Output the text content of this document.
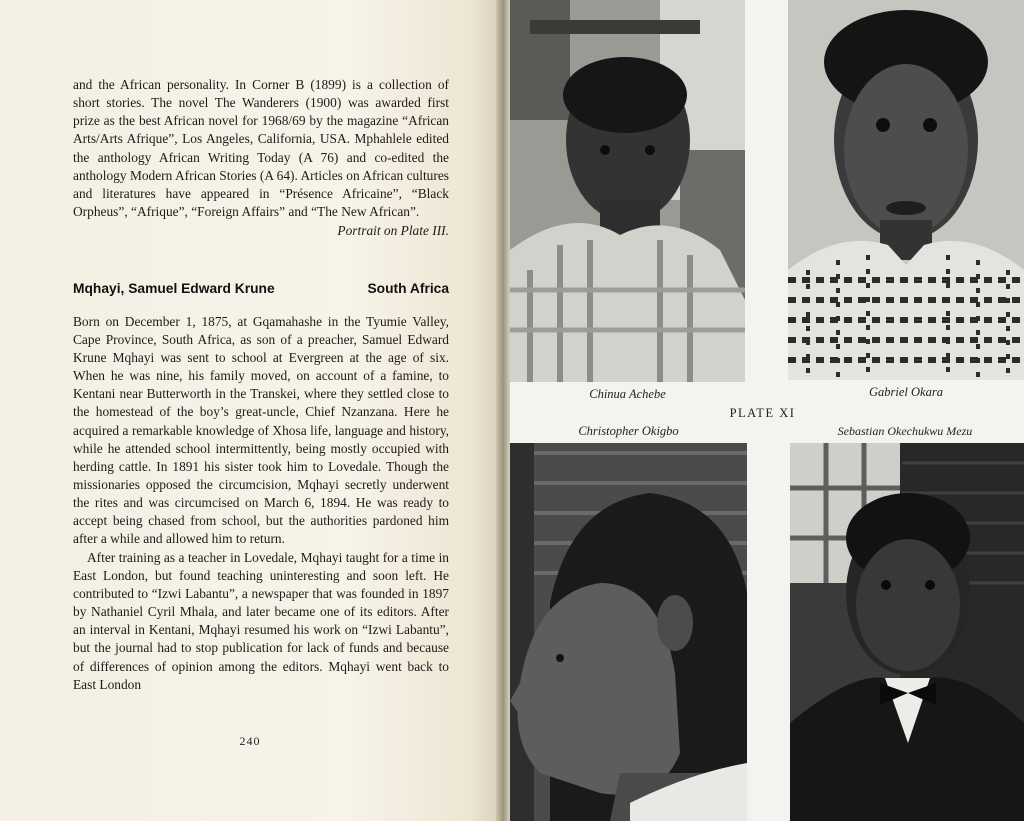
and the African personality. In Corner B (1899) is a collection of short stories. The novel The Wanderers (1900) was awarded first prize as the best African novel for 1968/69 by the magazine “African Arts/Arts Afrique”, Los Angeles, California, USA. Mphahlele edited the anthology African Writing Today (A 76) and co-edited the anthology Modern African Stories (A 64). Articles on African cultures and literatures have appeared in “Présence Africaine”, “Black Orpheus”, “Afrique”, “Foreign Affairs” and “The New African”.

Portrait on Plate III.

Mqhayi, Samuel Edward Krune	South Africa

Born on December 1, 1875, at Gqamahashe in the Tyumie Valley, Cape Province, South Africa, as son of a preacher, Samuel Edward Krune Mqhayi was sent to school at Evergreen at the age of six. When he was nine, his family moved, on account of a famine, to Kentani near Butterworth in the Transkei, where they settled close to the homestead of the boy’s great-uncle, Chief Nzanzana. Here he acquired a remarkable knowledge of Xhosa life, language and history, while he attended school intermittently, being mostly occupied with herding cattle. In 1891 his sister took him to Lovedale. Though the missionaries opposed the circumcision, Mqhayi secretly underwent the rites and was circumcised on March 6, 1894. He was ready to accept being chased from school, but the authorities pardoned him after a while and allowed him to return.

After training as a teacher in Lovedale, Mqhayi taught for a time in East London, but found teaching uninteresting and soon left. He contributed to “Izwi Labantu”, a newspaper that was founded in 1897 by Nathaniel Cyril Mhala, and later became one of its editors. After an interval in Kentani, Mqhayi resumed his work on “Izwi Labantu”, but the journal had to stop publication for lack of funds and because of differences of opinion among the editors. Mqhayi went back to East London

240
Chinua Achebe	Gabriel Okara
PLATE XI
Christopher Okigbo	Sebastian Okechukwu Mezu
